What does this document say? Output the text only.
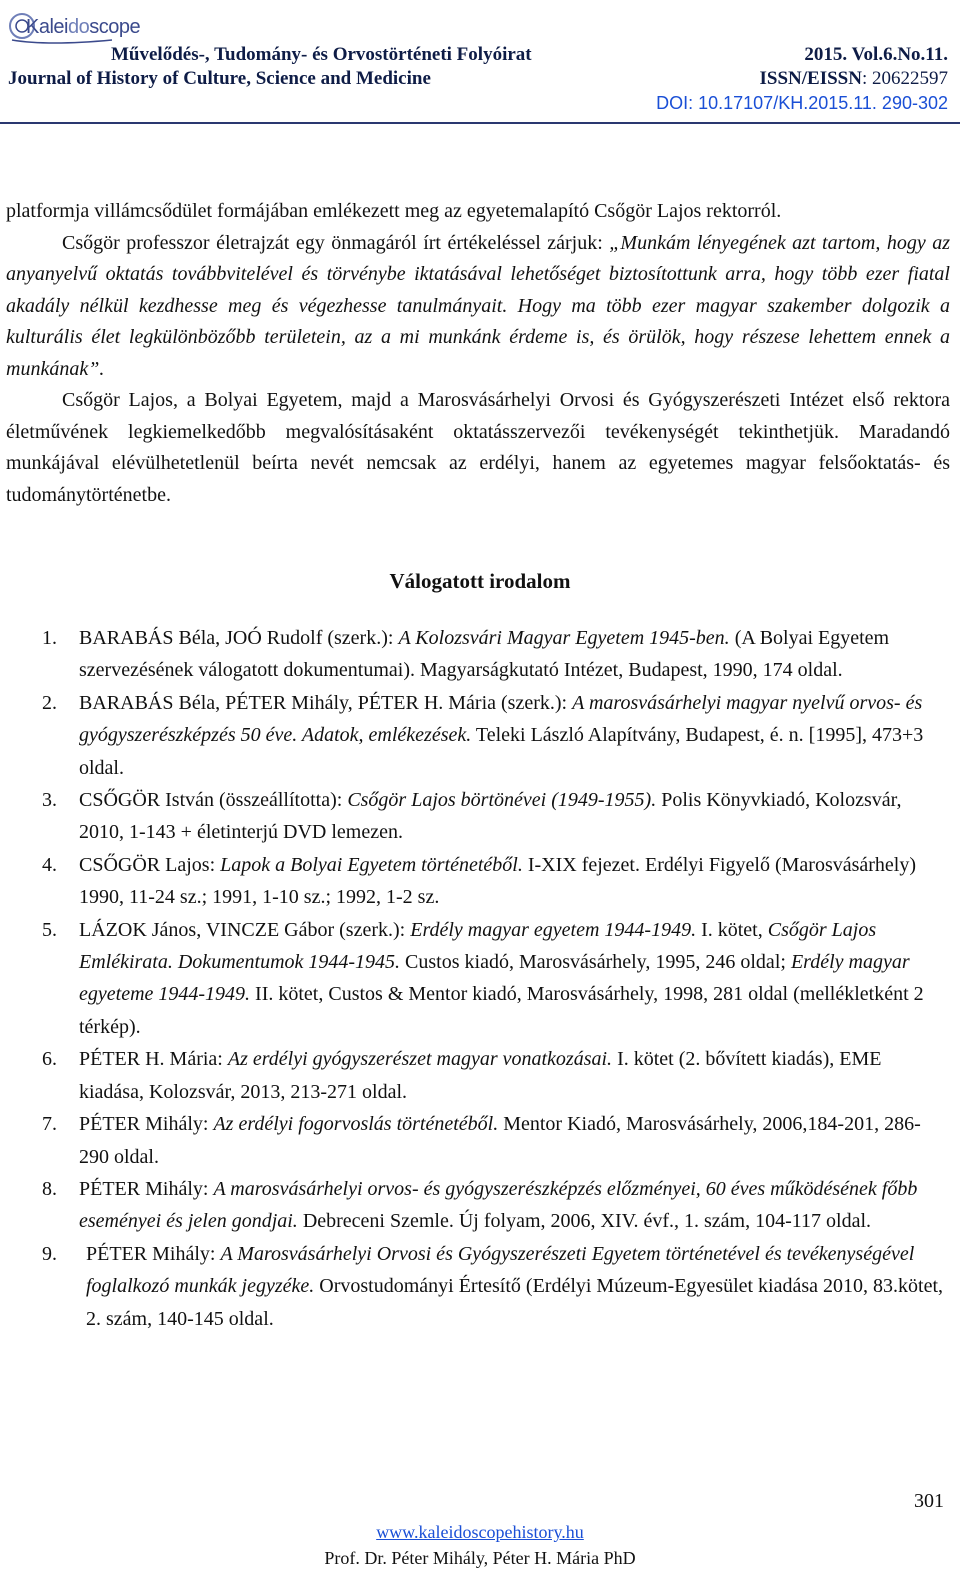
Kaleidoscope
Művelődés-, Tudomány- és Orvostörténeti Folyóirat	2015. Vol.6.No.11.
Journal of History of Culture, Science and Medicine	ISSN/EISSN: 20622597
DOI: 10.17107/KH.2015.11. 290-302

platformja villámcsődület formájában emlékezett meg az egyetemalapító Csőgör Lajos rektorról.

Csőgör professzor életrajzát egy önmagáról írt értékeléssel zárjuk: „Munkám lényegének azt tartom, hogy az anyanyelvű oktatás továbbvitelével és törvénybe iktatásával lehetőséget biztosítottunk arra, hogy több ezer fiatal akadály nélkül kezdhesse meg és végezhesse tanulmányait. Hogy ma több ezer magyar szakember dolgozik a kulturális élet legkülönbözőbb területein, az a mi munkánk érdeme is, és örülök, hogy részese lehettem ennek a munkának”.

Csőgör Lajos, a Bolyai Egyetem, majd a Marosvásárhelyi Orvosi és Gyógyszerészeti Intézet első rektora életművének legkiemelkedőbb megvalósításaként oktatásszervezői tevékenységét tekinthetjük. Maradandó munkájával elévülhetetlenül beírta nevét nemcsak az erdélyi, hanem az egyetemes magyar felsőoktatás- és tudománytörténetbe.

Válogatott irodalom
1. BARABÁS Béla, JOÓ Rudolf (szerk.): A Kolozsvári Magyar Egyetem 1945-ben. (A Bolyai Egyetem szervezésének válogatott dokumentumai). Magyarságkutató Intézet, Budapest, 1990, 174 oldal.
2. BARABÁS Béla, PÉTER Mihály, PÉTER H. Mária (szerk.): A marosvásárhelyi magyar nyelvű orvos- és gyógyszerészképzés 50 éve. Adatok, emlékezések. Teleki László Alapítvány, Budapest, é. n. [1995], 473+3 oldal.
3. CSŐGÖR István (összeállította): Csőgör Lajos börtönévei (1949-1955). Polis Könyvkiadó, Kolozsvár, 2010, 1-143 + életinterjú DVD lemezen.
4. CSŐGÖR Lajos: Lapok a Bolyai Egyetem történetéből. I-XIX fejezet. Erdélyi Figyelő (Marosvásárhely) 1990, 11-24 sz.; 1991, 1-10 sz.; 1992, 1-2 sz.
5. LÁZOK János, VINCZE Gábor (szerk.): Erdély magyar egyetem 1944-1949. I. kötet, Csőgör Lajos Emlékirata. Dokumentumok 1944-1945. Custos kiadó, Marosvásárhely, 1995, 246 oldal; Erdély magyar egyeteme 1944-1949. II. kötet, Custos & Mentor kiadó, Marosvásárhely, 1998, 281 oldal (mellékletként 2 térkép).
6. PÉTER H. Mária: Az erdélyi gyógyszerészet magyar vonatkozásai. I. kötet (2. bővített kiadás), EME kiadása, Kolozsvár, 2013, 213-271 oldal.
7. PÉTER Mihály: Az erdélyi fogorvoslás történetéből. Mentor Kiadó, Marosvásárhely, 2006,184-201, 286-290 oldal.
8. PÉTER Mihály: A marosvásárhelyi orvos- és gyógyszerészképzés előzményei, 60 éves működésének főbb eseményei és jelen gondjai. Debreceni Szemle. Új folyam, 2006, XIV. évf., 1. szám, 104-117 oldal.
9. PÉTER Mihály: A Marosvásárhelyi Orvosi és Gyógyszerészeti Egyetem történetével és tevékenységével foglalkozó munkák jegyzéke. Orvostudományi Értesítő (Erdélyi Múzeum-Egyesület kiadása 2010, 83.kötet, 2. szám, 140-145 oldal.
301
www.kaleidoscopehistory.hu
Prof. Dr. Péter Mihály, Péter H. Mária PhD
